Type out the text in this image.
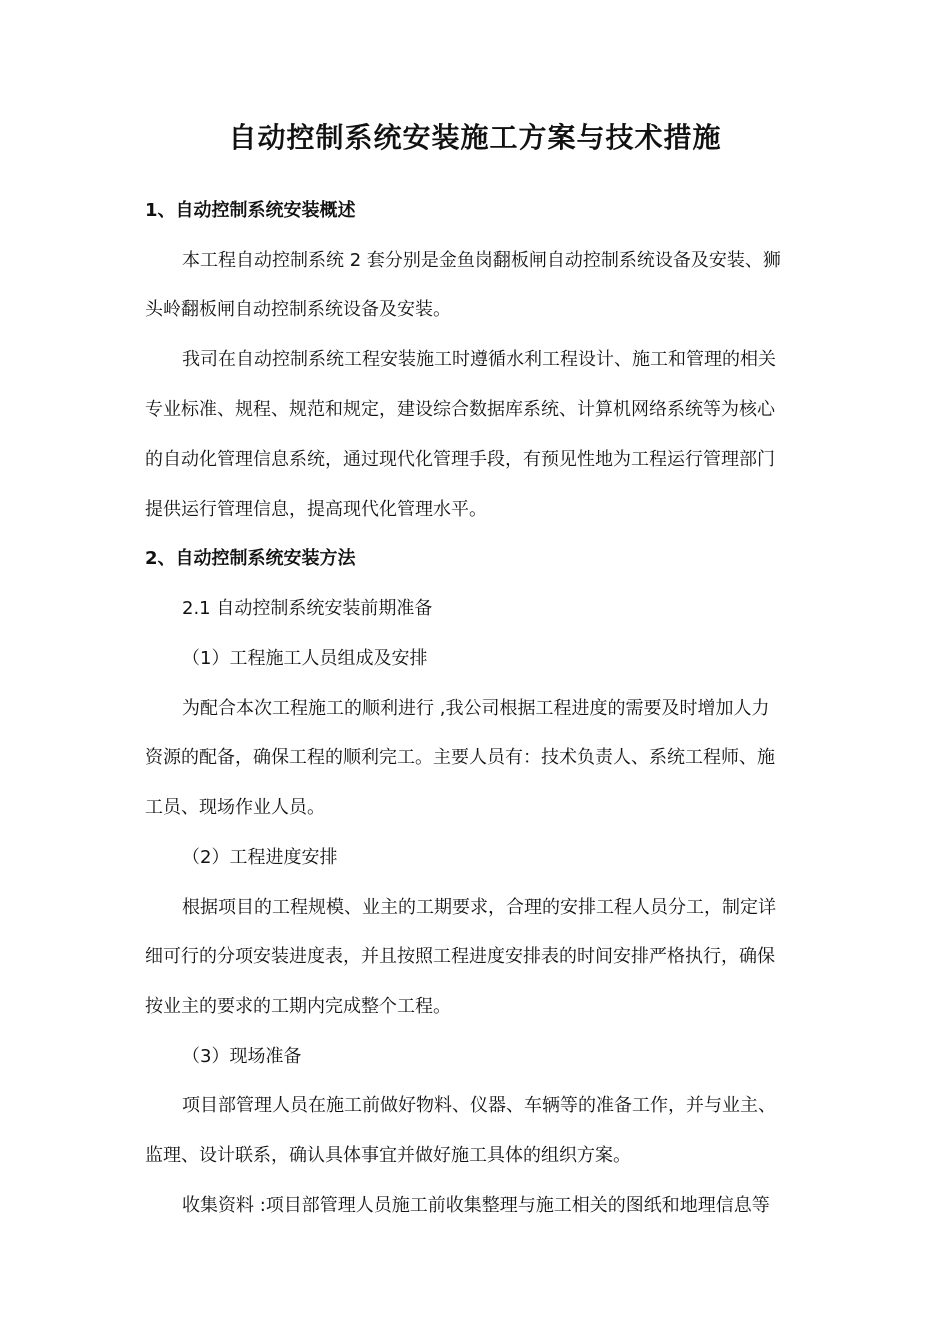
自动控制系统安装施工方案与技术措施
1、自动控制系统安装概述
本工程自动控制系统 2 套分别是金鱼岗翻板闸自动控制系统设备及安装、狮
头岭翻板闸自动控制系统设备及安装。
我司在自动控制系统工程安装施工时遵循水利工程设计、施工和管理的相关
专业标准、规程、规范和规定，建设综合数据库系统、计算机网络系统等为核心
的自动化管理信息系统，通过现代化管理手段，有预见性地为工程运行管理部门
提供运行管理信息，提高现代化管理水平。
2、自动控制系统安装方法
2.1 自动控制系统安装前期准备
（1）工程施工人员组成及安排
为配合本次工程施工的顺利进行 ,我公司根据工程进度的需要及时增加人力
资源的配备，确保工程的顺利完工。主要人员有：技术负责人、系统工程师、施
工员、现场作业人员。
（2）工程进度安排
根据项目的工程规模、业主的工期要求，合理的安排工程人员分工，制定详
细可行的分项安装进度表，并且按照工程进度安排表的时间安排严格执行，确保
按业主的要求的工期内完成整个工程。
（3）现场准备
项目部管理人员在施工前做好物料、仪器、车辆等的准备工作，并与业主、
监理、设计联系，确认具体事宜并做好施工具体的组织方案。
收集资料 :项目部管理人员施工前收集整理与施工相关的图纸和地理信息等
